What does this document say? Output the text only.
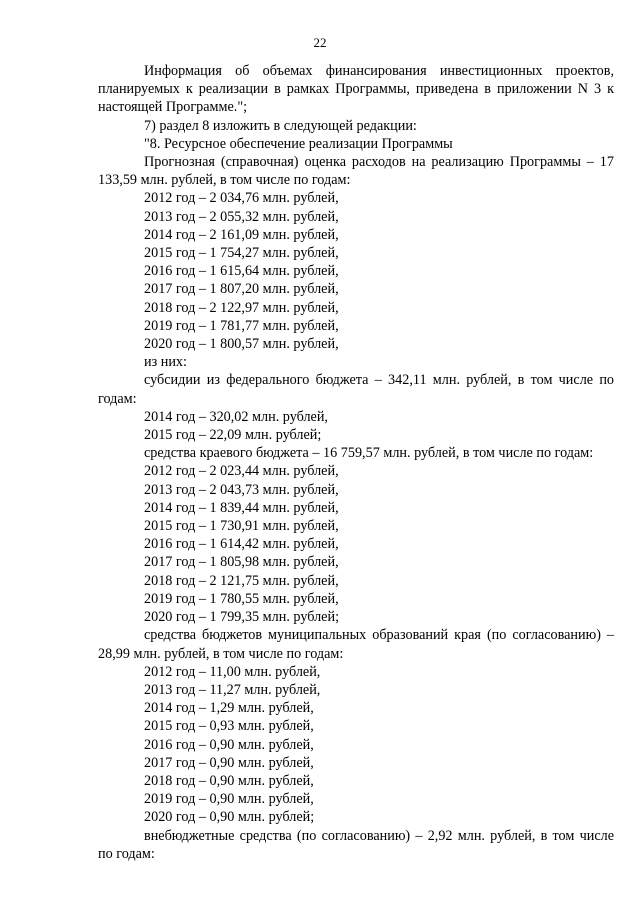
22

Информация об объемах финансирования инвестиционных проектов, планируемых к реализации в рамках Программы, приведена в приложении N 3 к настоящей Программе.";

7) раздел 8 изложить в следующей редакции:

"8. Ресурсное обеспечение реализации Программы

Прогнозная (справочная) оценка расходов на реализацию Программы – 17 133,59 млн. рублей, в том числе по годам:

2012 год – 2 034,76 млн. рублей,

2013 год – 2 055,32 млн. рублей,

2014 год – 2 161,09 млн. рублей,

2015 год – 1 754,27 млн. рублей,

2016 год – 1 615,64 млн. рублей,

2017 год – 1 807,20 млн. рублей,

2018 год – 2 122,97 млн. рублей,

2019 год – 1 781,77 млн. рублей,

2020 год – 1 800,57 млн. рублей,

из них:

субсидии из федерального бюджета – 342,11 млн. рублей, в том числе по годам:

2014 год – 320,02 млн. рублей,

2015 год – 22,09 млн. рублей;

средства краевого бюджета – 16 759,57 млн. рублей, в том числе по годам:

2012 год – 2 023,44 млн. рублей,

2013 год – 2 043,73 млн. рублей,

2014 год – 1 839,44 млн. рублей,

2015 год – 1 730,91 млн. рублей,

2016 год – 1 614,42 млн. рублей,

2017 год – 1 805,98 млн. рублей,

2018 год – 2 121,75 млн. рублей,

2019 год – 1 780,55 млн. рублей,

2020 год – 1 799,35 млн. рублей;

средства бюджетов муниципальных образований края (по согласованию) – 28,99 млн. рублей, в том числе по годам:

2012 год – 11,00 млн. рублей,

2013 год – 11,27 млн. рублей,

2014 год – 1,29 млн. рублей,

2015 год – 0,93 млн. рублей,

2016 год – 0,90 млн. рублей,

2017 год – 0,90 млн. рублей,

2018 год – 0,90 млн. рублей,

2019 год – 0,90 млн. рублей,

2020 год – 0,90 млн. рублей;

внебюджетные средства (по согласованию) – 2,92 млн. рублей, в том числе по годам:
